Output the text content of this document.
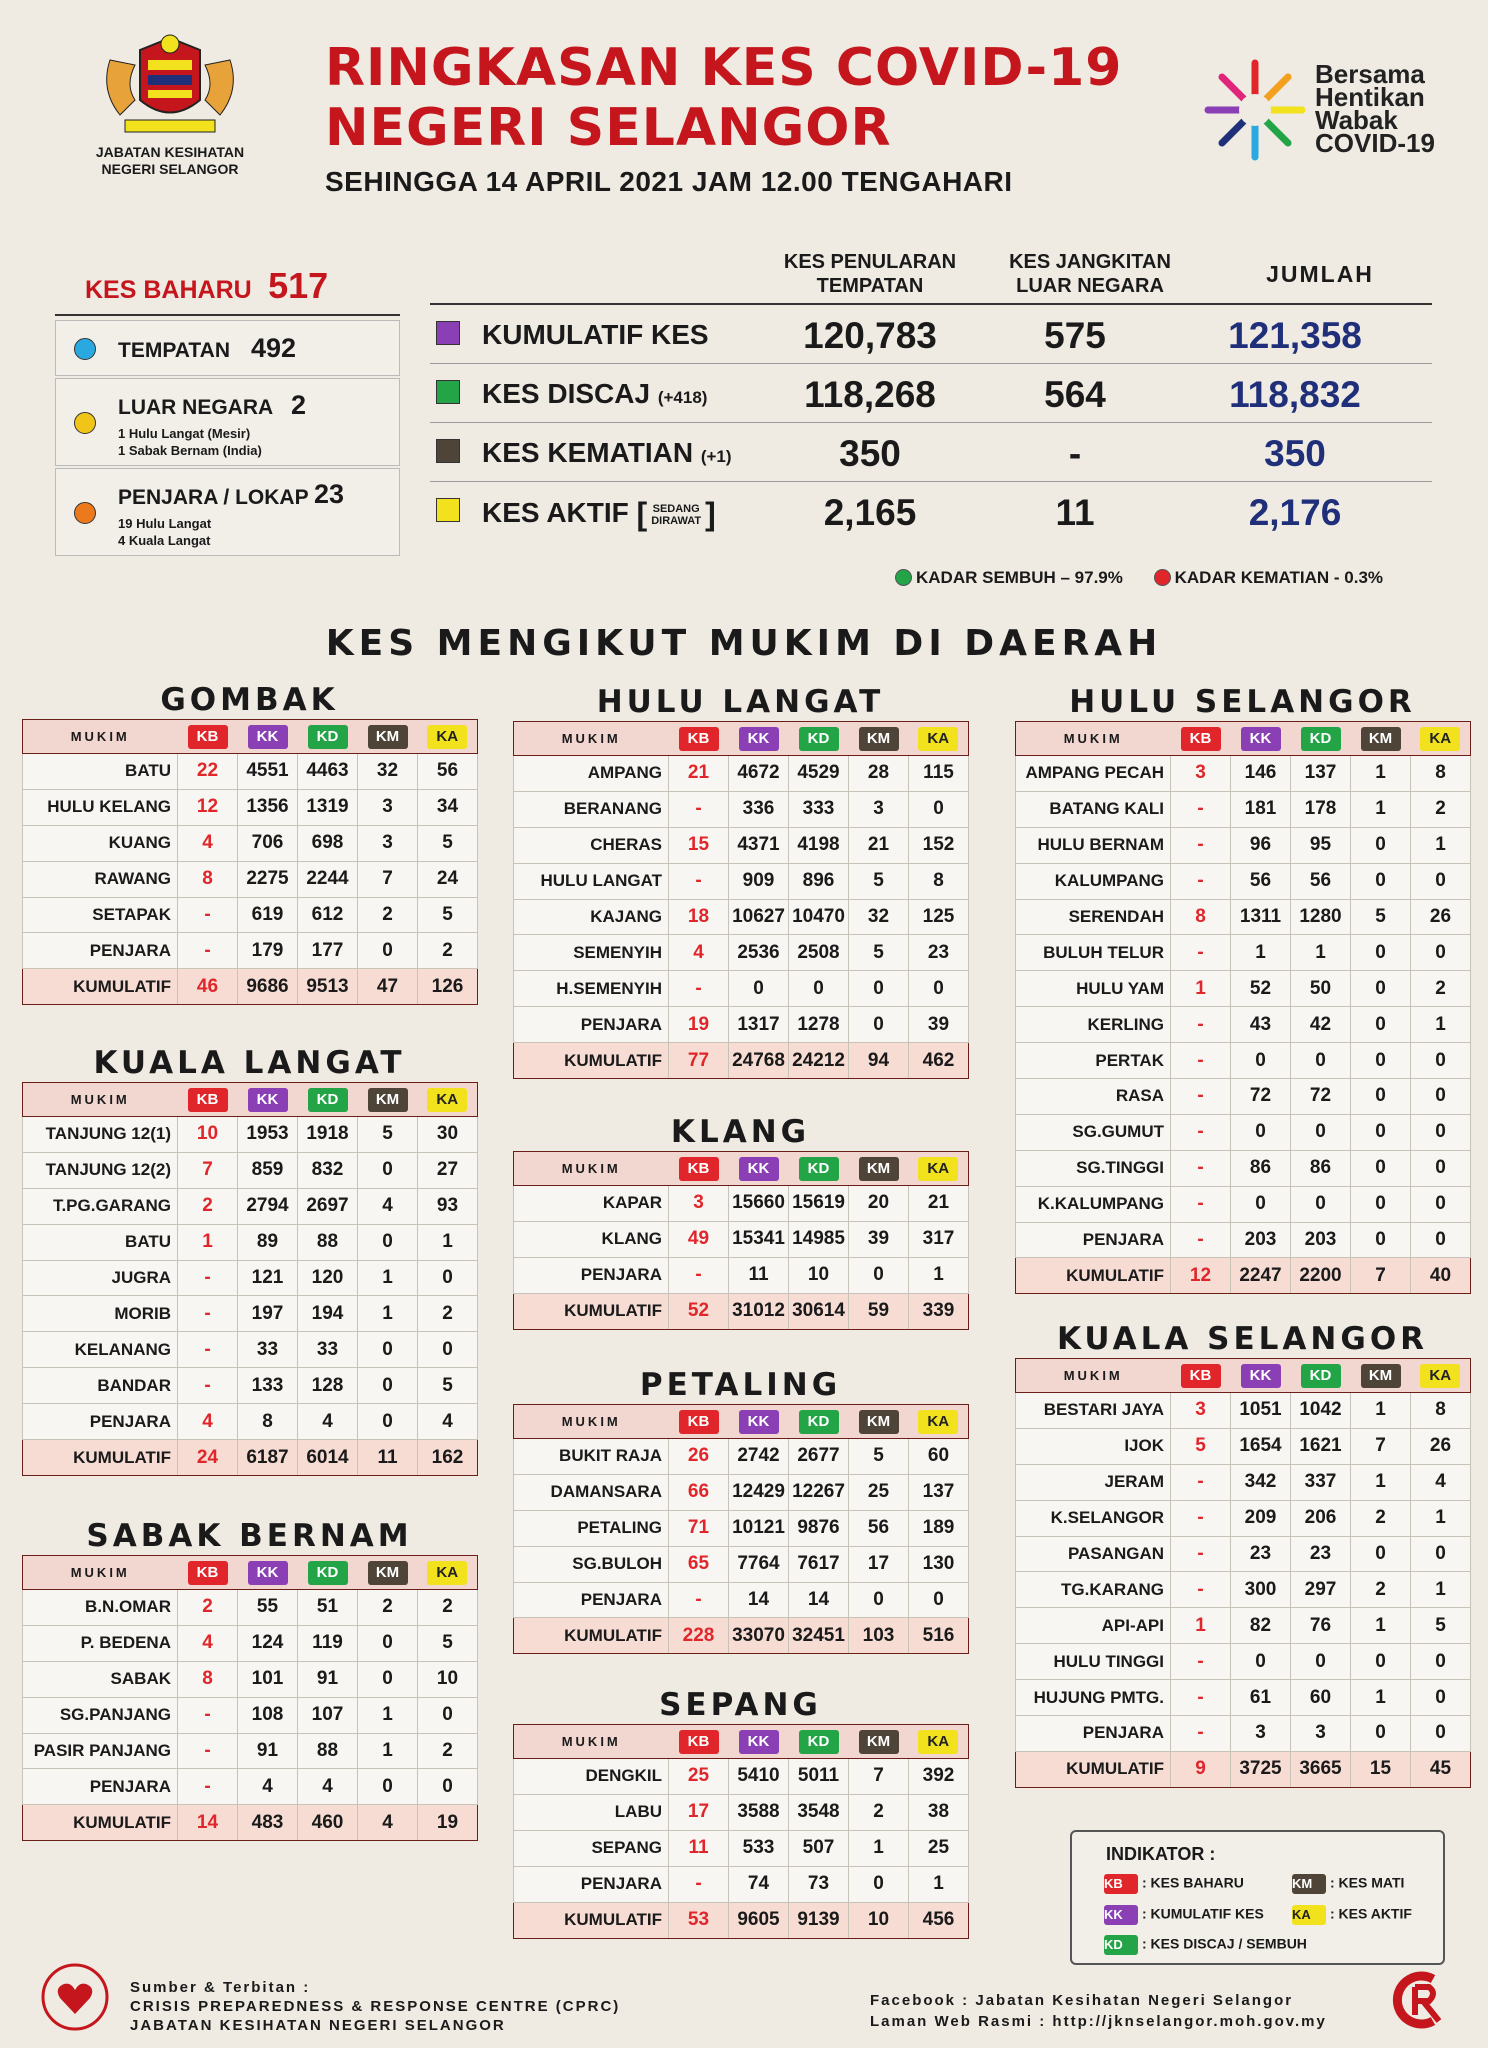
JABATAN KESIHATAN
NEGERI SELANGOR
RINGKASAN KES COVID-19
NEGERI SELANGOR
SEHINGGA 14 APRIL 2021 JAM 12.00 TENGAHARI
Bersama
Hentikan
Wabak
COVID-19
KES BAHARU 517
TEMPATAN 492
LUAR NEGARA 2
1 Hulu Langat (Mesir)
1 Sabak Bernam (India)
PENJARA / LOKAP 23
19 Hulu Langat
4 Kuala Langat
KES PENULARAN
TEMPATAN
KES JANGKITAN
LUAR NEGARA	JUMLAH
KUMULATIF KES	120,783	575	121,358
KES DISCAJ (+418)	118,268	564	118,832
KES KEMATIAN (+1)	350	-	350
KES AKTIF [ SEDANG
DIRAWAT ]	2,165	11	2,176
KADAR SEMBUH – 97.9%	KADAR KEMATIAN - 0.3%
KES MENGIKUT MUKIM DI DAERAH
GOMBAK
MUKIM	KB	KK	KD	KM	KA
BATU	22	4551	4463	32	56
HULU KELANG	12	1356	1319	3	34
KUANG	4	706	698	3	5
RAWANG	8	2275	2244	7	24
SETAPAK	-	619	612	2	5
PENJARA	-	179	177	0	2
KUMULATIF	46	9686	9513	47	126
KUALA LANGAT
MUKIM	KB	KK	KD	KM	KA
TANJUNG 12(1)	10	1953	1918	5	30
TANJUNG 12(2)	7	859	832	0	27
T.PG.GARANG	2	2794	2697	4	93
BATU	1	89	88	0	1
JUGRA	-	121	120	1	0
MORIB	-	197	194	1	2
KELANANG	-	33	33	0	0
BANDAR	-	133	128	0	5
PENJARA	4	8	4	0	4
KUMULATIF	24	6187	6014	11	162
SABAK BERNAM
MUKIM	KB	KK	KD	KM	KA
B.N.OMAR	2	55	51	2	2
P. BEDENA	4	124	119	0	5
SABAK	8	101	91	0	10
SG.PANJANG	-	108	107	1	0
PASIR PANJANG	-	91	88	1	2
PENJARA	-	4	4	0	0
KUMULATIF	14	483	460	4	19
HULU LANGAT
MUKIM	KB	KK	KD	KM	KA
AMPANG	21	4672	4529	28	115
BERANANG	-	336	333	3	0
CHERAS	15	4371	4198	21	152
HULU LANGAT	-	909	896	5	8
KAJANG	18	10627	10470	32	125
SEMENYIH	4	2536	2508	5	23
H.SEMENYIH	-	0	0	0	0
PENJARA	19	1317	1278	0	39
KUMULATIF	77	24768	24212	94	462
KLANG
MUKIM	KB	KK	KD	KM	KA
KAPAR	3	15660	15619	20	21
KLANG	49	15341	14985	39	317
PENJARA	-	11	10	0	1
KUMULATIF	52	31012	30614	59	339
PETALING
MUKIM	KB	KK	KD	KM	KA
BUKIT RAJA	26	2742	2677	5	60
DAMANSARA	66	12429	12267	25	137
PETALING	71	10121	9876	56	189
SG.BULOH	65	7764	7617	17	130
PENJARA	-	14	14	0	0
KUMULATIF	228	33070	32451	103	516
SEPANG
MUKIM	KB	KK	KD	KM	KA
DENGKIL	25	5410	5011	7	392
LABU	17	3588	3548	2	38
SEPANG	11	533	507	1	25
PENJARA	-	74	73	0	1
KUMULATIF	53	9605	9139	10	456
HULU SELANGOR
MUKIM	KB	KK	KD	KM	KA
AMPANG PECAH	3	146	137	1	8
BATANG KALI	-	181	178	1	2
HULU BERNAM	-	96	95	0	1
KALUMPANG	-	56	56	0	0
SERENDAH	8	1311	1280	5	26
BULUH TELUR	-	1	1	0	0
HULU YAM	1	52	50	0	2
KERLING	-	43	42	0	1
PERTAK	-	0	0	0	0
RASA	-	72	72	0	0
SG.GUMUT	-	0	0	0	0
SG.TINGGI	-	86	86	0	0
K.KALUMPANG	-	0	0	0	0
PENJARA	-	203	203	0	0
KUMULATIF	12	2247	2200	7	40
KUALA SELANGOR
MUKIM	KB	KK	KD	KM	KA
BESTARI JAYA	3	1051	1042	1	8
IJOK	5	1654	1621	7	26
JERAM	-	342	337	1	4
K.SELANGOR	-	209	206	2	1
PASANGAN	-	23	23	0	0
TG.KARANG	-	300	297	2	1
API-API	1	82	76	1	5
HULU TINGGI	-	0	0	0	0
HUJUNG PMTG.	-	61	60	1	0
PENJARA	-	3	3	0	0
KUMULATIF	9	3725	3665	15	45
INDIKATOR :
KB : KES BAHARU
KK : KUMULATIF KES
KD : KES DISCAJ / SEMBUH
KM : KES MATI
KA : KES AKTIF
Sumber & Terbitan :
CRISIS PREPAREDNESS & RESPONSE CENTRE (CPRC)
JABATAN KESIHATAN NEGERI SELANGOR
Facebook : Jabatan Kesihatan Negeri Selangor
Laman Web Rasmi : http://jknselangor.moh.gov.my
